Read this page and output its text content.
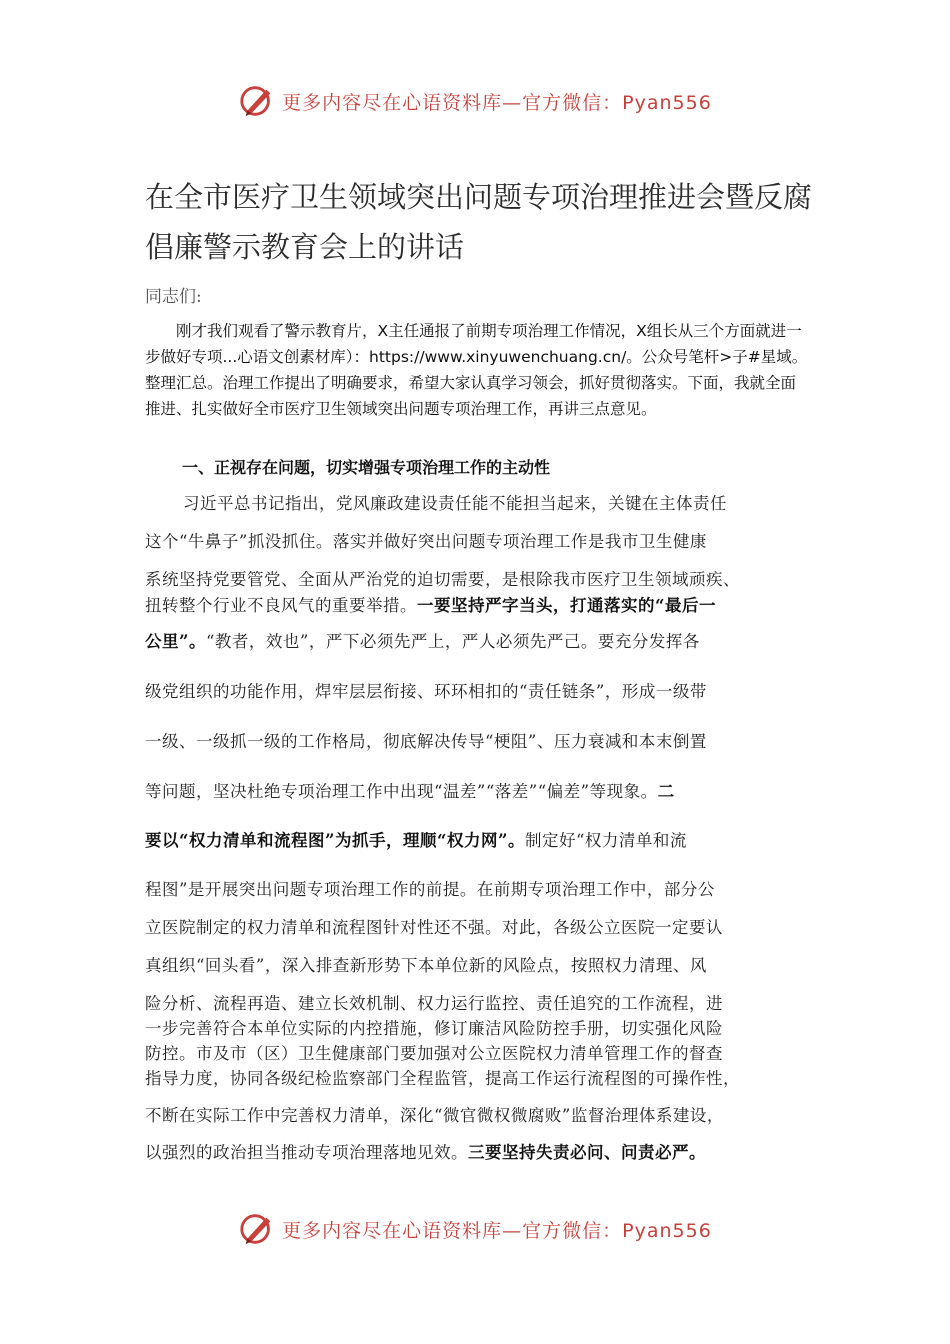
更多内容尽在心语资料库—官方微信：Pyan556
在全市医疗卫生领域突出问题专项治理推进会暨反腐
倡廉警示教育会上的讲话
同志们:

刚才我们观看了警示教育片，X主任通报了前期专项治理工作情况，X组长从三个方面就进一步做好专项...心语文创素材库）：https://www.xinyuwenchuang.cn/。公众号笔杆>子#星域。整理汇总。治理工作提出了明确要求，希望大家认真学习领会，抓好贯彻落实。下面，我就全面推进、扎实做好全市医疗卫生领域突出问题专项治理工作，再讲三点意见。

一、正视存在问题，切实增强专项治理工作的主动性
习近平总书记指出，党风廉政建设责任能不能担当起来，关键在主体责任
这个“牛鼻子”抓没抓住。落实并做好突出问题专项治理工作是我市卫生健康
系统坚持党要管党、全面从严治党的迫切需要，是根除我市医疗卫生领域顽疾、
扭转整个行业不良风气的重要举措。一要坚持严字当头，打通落实的“最后一
公里”。“教者，效也”，严下必须先严上，严人必须先严己。要充分发挥各
级党组织的功能作用，焊牢层层衔接、环环相扣的“责任链条”，形成一级带
一级、一级抓一级的工作格局，彻底解决传导“梗阻”、压力衰减和本末倒置
等问题，坚决杜绝专项治理工作中出现“温差”“落差”“偏差”等现象。二
要以“权力清单和流程图”为抓手，理顺“权力网”。制定好“权力清单和流
程图”是开展突出问题专项治理工作的前提。在前期专项治理工作中，部分公
立医院制定的权力清单和流程图针对性还不强。对此，各级公立医院一定要认
真组织“回头看”，深入排查新形势下本单位新的风险点，按照权力清理、风
险分析、流程再造、建立长效机制、权力运行监控、责任追究的工作流程，进
一步完善符合本单位实际的内控措施，修订廉洁风险防控手册，切实强化风险
防控。市及市（区）卫生健康部门要加强对公立医院权力清单管理工作的督查
指导力度，协同各级纪检监察部门全程监管，提高工作运行流程图的可操作性，
不断在实际工作中完善权力清单，深化“微官微权微腐败”监督治理体系建设，
以强烈的政治担当推动专项治理落地见效。三要坚持失责必问、问责必严。
更多内容尽在心语资料库—官方微信：Pyan556
